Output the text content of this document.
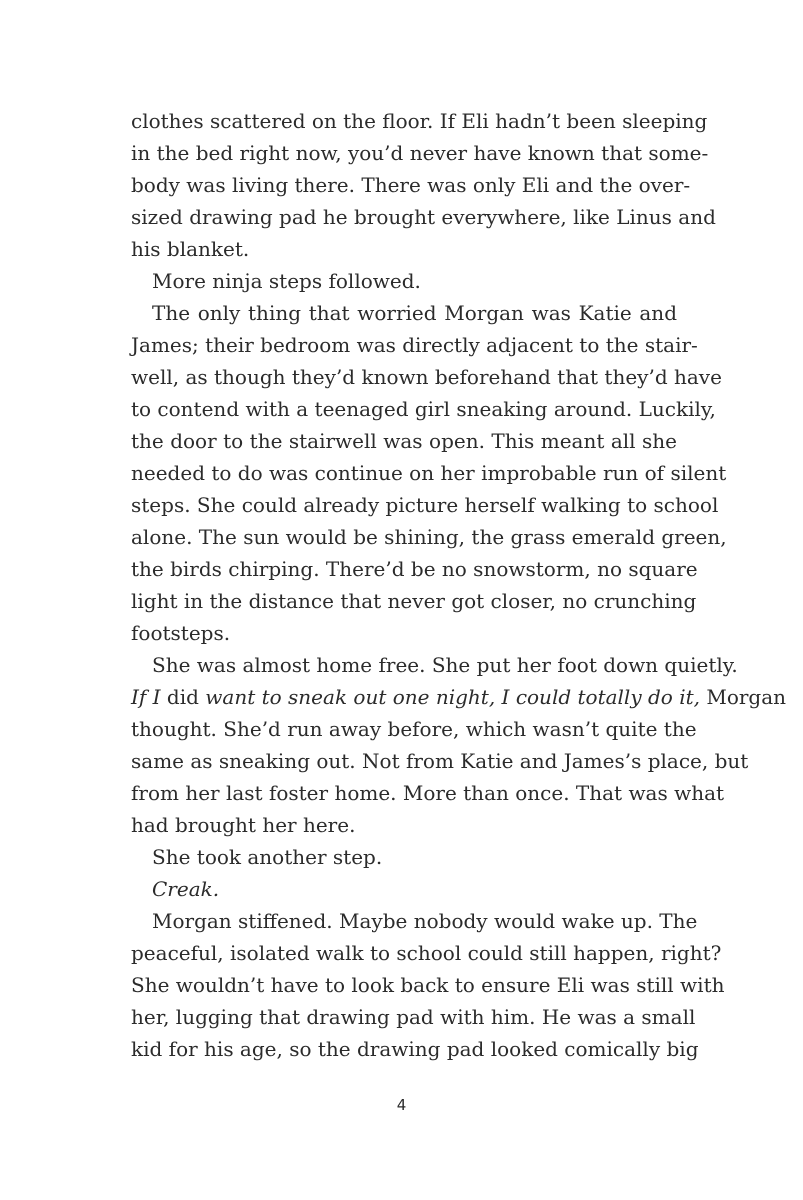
clothes scattered on the floor. If Eli hadn’t been sleeping
in the bed right now, you’d never have known that some-
body was living there. There was only Eli and the over-
sized drawing pad he brought everywhere, like Linus and
his blanket.
More ninja steps followed.
The only thing that worried Morgan was Katie and
James; their bedroom was directly adjacent to the stair-
well, as though they’d known beforehand that they’d have
to contend with a teenaged girl sneaking around. Luckily,
the door to the stairwell was open. This meant all she
needed to do was continue on her improbable run of silent
steps. She could already picture herself walking to school
alone. The sun would be shining, the grass emerald green,
the birds chirping. There’d be no snowstorm, no square
light in the distance that never got closer, no crunching
footsteps.
She was almost home free. She put her foot down quietly.
If I did want to sneak out one night, I could totally do it, Morgan
thought. She’d run away before, which wasn’t quite the
same as sneaking out. Not from Katie and James’s place, but
from her last foster home. More than once. That was what
had brought her here.
She took another step.
Creak.
Morgan stiffened. Maybe nobody would wake up. The
peaceful, isolated walk to school could still happen, right?
She wouldn’t have to look back to ensure Eli was still with
her, lugging that drawing pad with him. He was a small
kid for his age, so the drawing pad looked comically big
4
